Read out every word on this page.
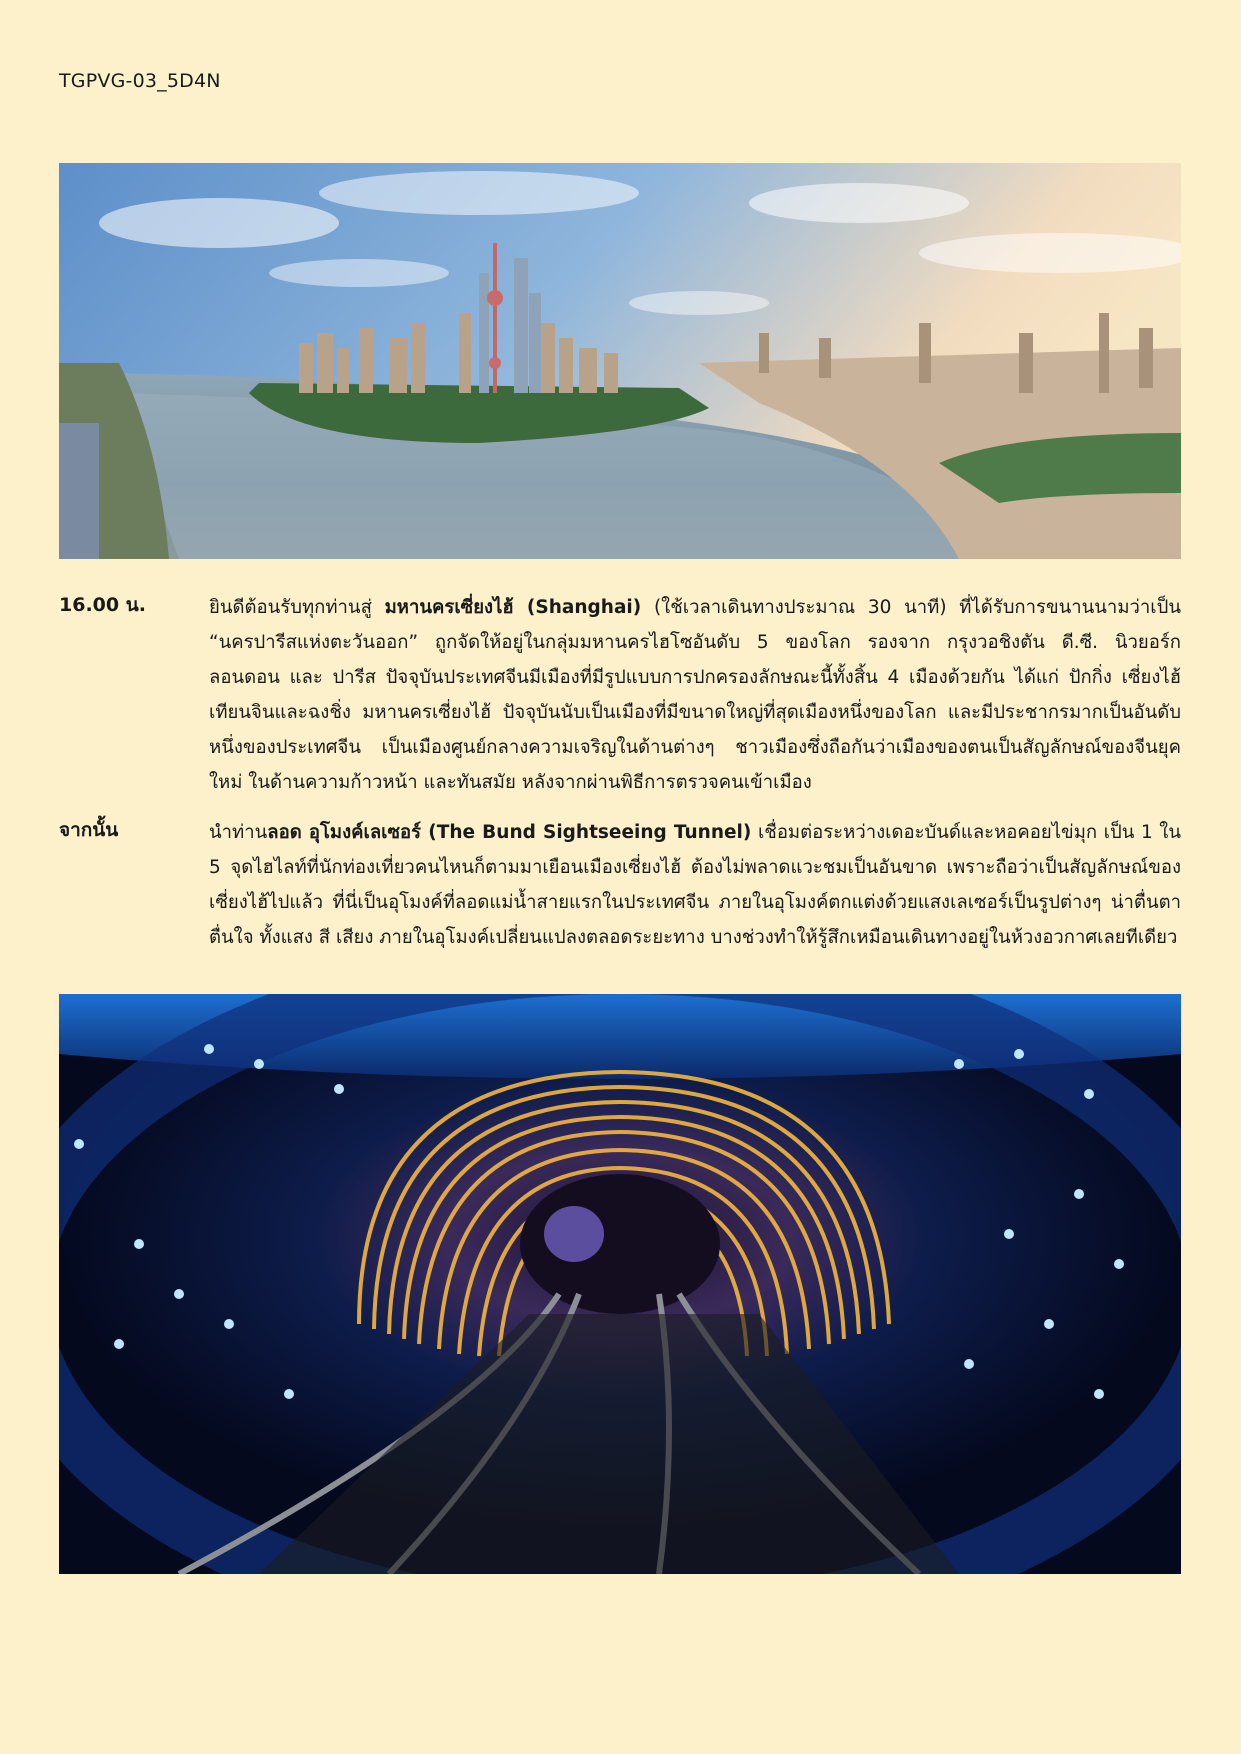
TGPVG-03_5D4N
16.00 น.	ยินดีต้อนรับทุกท่านสู่ มหานครเซี่ยงไฮ้ (Shanghai) (ใช้เวลาเดินทางประมาณ 30 นาที) ที่ได้รับการขนานนามว่าเป็น “นครปารีสแห่งตะวันออก” ถูกจัดให้อยู่ในกลุ่มมหานครไฮโซอันดับ 5 ของโลก รองจาก กรุงวอชิงตัน ดี.ซี. นิวยอร์ก ลอนดอน และ ปารีส ปัจจุบันประเทศจีนมีเมืองที่มีรูปแบบการปกครองลักษณะนี้ทั้งสิ้น 4 เมืองด้วยกัน ได้แก่ ปักกิ่ง เซี่ยงไฮ้ เทียนจินและฉงชิ่ง มหานครเซี่ยงไฮ้ ปัจจุบันนับเป็นเมืองที่มีขนาดใหญ่ที่สุดเมืองหนึ่งของโลก และมีประชากรมากเป็นอันดับหนึ่งของประเทศจีน เป็นเมืองศูนย์กลางความเจริญในด้านต่างๆ ชาวเมืองซึ่งถือกันว่าเมืองของตนเป็นสัญลักษณ์ของจีนยุคใหม่ ในด้านความก้าวหน้า และทันสมัย หลังจากผ่านพิธีการตรวจคนเข้าเมือง
จากนั้น	นำท่านลอด อุโมงค์เลเซอร์ (The Bund Sightseeing Tunnel) เชื่อมต่อระหว่างเดอะบันด์และหอคอยไข่มุก เป็น 1 ใน 5 จุดไฮไลท์ที่นักท่องเที่ยวคนไหนก็ตามมาเยือนเมืองเซี่ยงไฮ้ ต้องไม่พลาดแวะชมเป็นอันขาด เพราะถือว่าเป็นสัญลักษณ์ของเซี่ยงไฮ้ไปแล้ว ที่นี่เป็นอุโมงค์ที่ลอดแม่น้ำสายแรกในประเทศจีน ภายในอุโมงค์ตกแต่งด้วยแสงเลเซอร์เป็นรูปต่างๆ น่าตื่นตาตื่นใจ ทั้งแสง สี เสียง ภายในอุโมงค์เปลี่ยนแปลงตลอดระยะทาง บางช่วงทำให้รู้สึกเหมือนเดินทางอยู่ในห้วงอวกาศเลยทีเดียว
